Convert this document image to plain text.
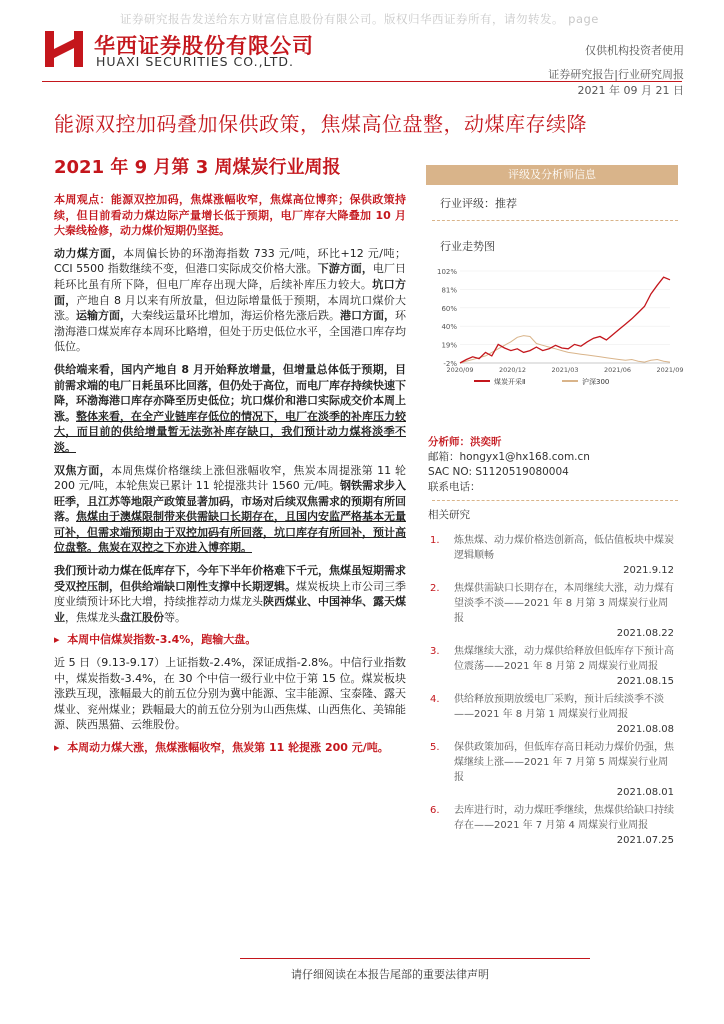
证券研究报告发送给东方财富信息股份有限公司。版权归华西证券所有，请勿转发。 page
华西证券股份有限公司
HUAXI SECURITIES CO.,LTD.
仅供机构投资者使用
证券研究报告|行业研究周报
2021 年 09 月 21 日
能源双控加码叠加保供政策，焦煤高位盘整，动煤库存续降
2021 年 9 月第 3 周煤炭行业周报

本周观点：能源双控加码，焦煤涨幅收窄，焦煤高位博弈；保供政策持续，但目前看动力煤边际产量增长低于预期，电厂库存大降叠加 10 月大秦线检修，动力煤价短期仍坚挺。

动力煤方面，本周偏长协的环渤海指数 733 元/吨，环比+12 元/吨；CCI 5500 指数继续不变，但港口实际成交价格大涨。下游方面，电厂日耗环比虽有所下降，但电厂库存出现大降，后续补库压力较大。坑口方面，产地自 8 月以来有所放量，但边际增量低于预期，本周坑口煤价大涨。运输方面，大秦线运量环比增加，海运价格先涨后跌。港口方面，环渤海港口煤炭库存本周环比略增，但处于历史低位水平，全国港口库存均低位。

供给端来看，国内产地自 8 月开始释放增量，但增量总体低于预期，目前需求端的电厂日耗虽环比回落，但仍处于高位，而电厂库存持续快速下降，环渤海港口库存亦降至历史低位；坑口煤价和港口实际成交价本周上涨。整体来看，在全产业链库存低位的情况下，电厂在淡季的补库压力较大，而目前的供给增量暂无法弥补库存缺口，我们预计动力煤将淡季不淡。

双焦方面，本周焦煤价格继续上涨但涨幅收窄，焦炭本周提涨第 11 轮 200 元/吨，本轮焦炭已累计 11 轮提涨共计 1560 元/吨。钢铁需求步入旺季，且江苏等地限产政策显著加码，市场对后续双焦需求的预期有所回落。焦煤由于澳煤限制带来供需缺口长期存在，且国内安监严格基本无量可补，但需求端预期由于双控加码有所回落，坑口库存有所回补，预计高位盘整。焦炭在双控之下亦进入博弈期。

我们预计动力煤在低库存下，今年下半年价格难下千元，焦煤虽短期需求受双控压制，但供给端缺口刚性支撑中长期逻辑。煤炭板块上市公司三季度业绩预计环比大增，持续推荐动力煤龙头陕西煤业、中国神华、露天煤业，焦煤龙头盘江股份等。

▸  本周中信煤炭指数-3.4%，跑输大盘。

近 5 日（9.13-9.17）上证指数-2.4%，深证成指-2.8%。中信行业指数中，煤炭指数-3.4%，在 30 个中信一级行业中位于第 15 位。煤炭板块涨跌互现，涨幅最大的前五位分别为冀中能源、宝丰能源、宝泰隆、露天煤业、兖州煤业；跌幅最大的前五位分别为山西焦煤、山西焦化、美锦能源、陕西黑猫、云维股份。

▸  本周动力煤大涨，焦煤涨幅收窄，焦炭第 11 轮提涨 200 元/吨。

评级及分析师信息
行业评级：推荐
行业走势图
102%
81%
60%
40%
19%
-2%
2020/09	2020/12	2021/03	2021/06	2021/09
煤炭开采Ⅱ	沪深300
分析师：洪奕昕
邮箱：hongyx1@hx168.com.cn
SAC NO: S1120519080004
联系电话：
相关研究
1. 炼焦煤、动力煤价格迭创新高，低估值板块中煤炭逻辑顺畅
2021.9.12
2. 焦煤供需缺口长期存在，本周继续大涨，动力煤有望淡季不淡——2021 年 8 月第 3 周煤炭行业周报
2021.08.22
3. 焦煤继续大涨，动力煤供给释放但低库存下预计高位震荡——2021 年 8 月第 2 周煤炭行业周报
2021.08.15
4. 供给释放预期放缓电厂采购，预计后续淡季不淡——2021 年 8 月第 1 周煤炭行业周报
2021.08.08
5. 保供政策加码，但低库存高日耗动力煤价仍强，焦煤继续上涨——2021 年 7 月第 5 周煤炭行业周报
2021.08.01
6. 去库进行时，动力煤旺季继续，焦煤供给缺口持续存在——2021 年 7 月第 4 周煤炭行业周报
2021.07.25
请仔细阅读在本报告尾部的重要法律声明
